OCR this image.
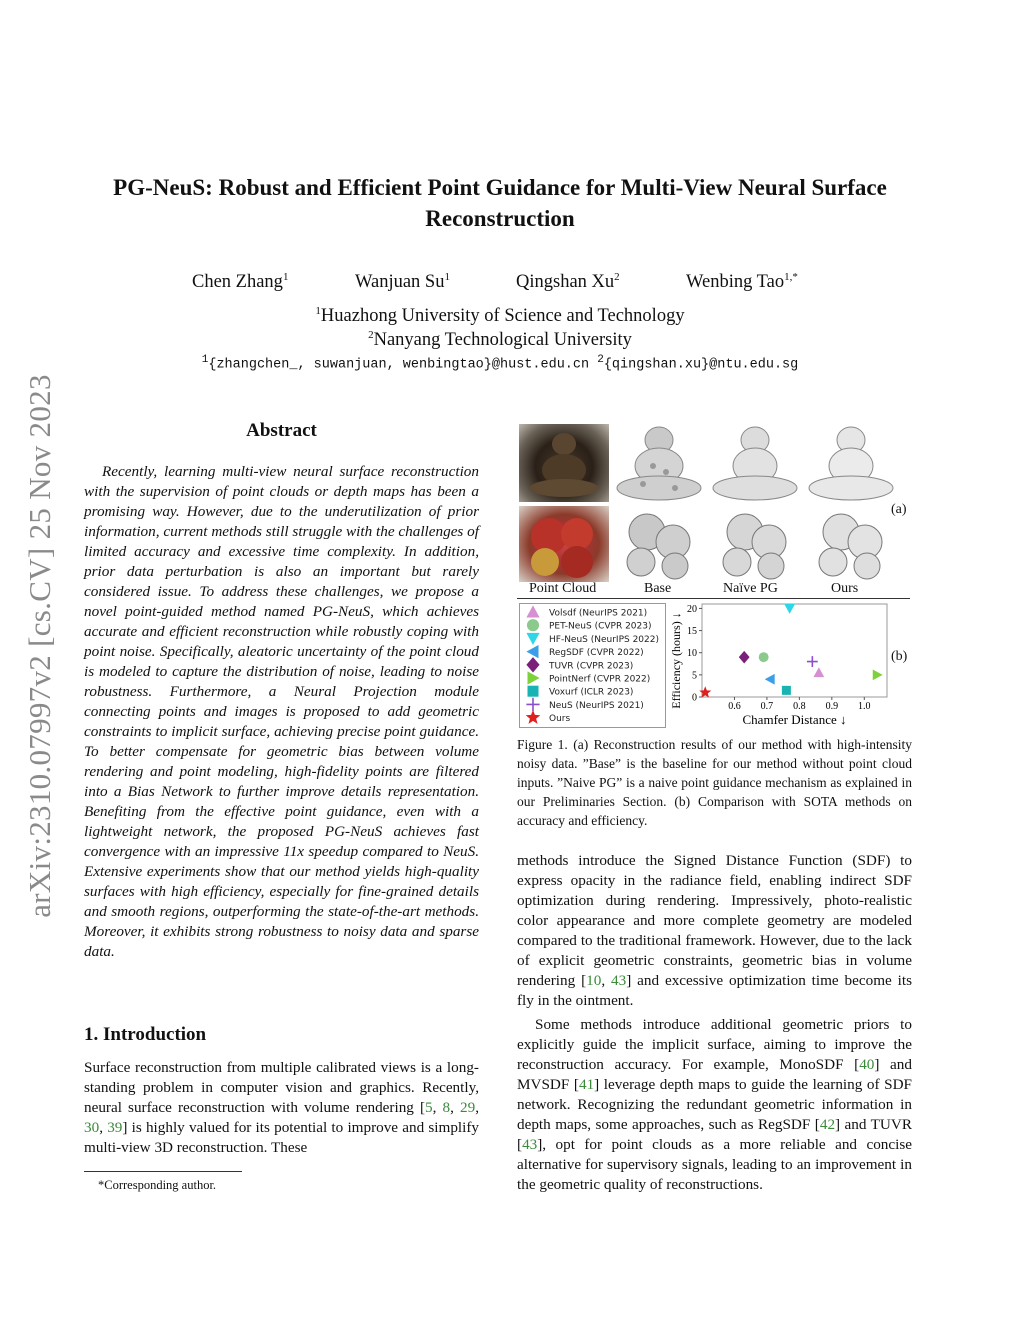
PG-NeuS: Robust and Efficient Point Guidance for Multi-View Neural Surface
Reconstruction
Chen Zhang$^1$	Wanjuan Su$^1$	Qingshan Xu$^2$	Wenbing Tao$^{1,*}$
$^1$Huazhong University of Science and Technology
$^2$Nanyang Technological University
$^1${zhangchen_, suwanjuan, wenbingtao}@hust.edu.cn $^2${qingshan.xu}@ntu.edu.sg
arXiv:2310.07997v2 [cs.CV] 25 Nov 2023	Abstract
Recently, learning multi-view neural surface reconstruction with the supervision of point clouds or depth maps has been a promising way. However, due to the underutilization of prior information, current methods still struggle with the challenges of limited accuracy and excessive time complexity. In addition, prior data perturbation is also an important but rarely considered issue. To address these challenges, we propose a novel point-guided method named PG-NeuS, which achieves accurate and efficient reconstruction while robustly coping with point noise. Specifically, aleatoric uncertainty of the point cloud is modeled to capture the distribution of noise, leading to noise robustness. Furthermore, a Neural Projection module connecting points and images is proposed to add geometric constraints to implicit surface, achieving precise point guidance. To better compensate for geometric bias between volume rendering and point modeling, high-fidelity points are filtered into a Bias Network to further improve details representation. Benefiting from the effective point guidance, even with a lightweight network, the proposed PG-NeuS achieves fast convergence with an impressive 11x speedup compared to NeuS. Extensive experiments show that our method yields high-quality surfaces with high efficiency, especially for fine-grained details and smooth regions, outperforming the state-of-the-art methods. Moreover, it exhibits strong robustness to noisy data and sparse data.
1. Introduction
Surface reconstruction from multiple calibrated views is a long-standing problem in computer vision and graphics. Recently, neural surface reconstruction with volume rendering [5, 8, 29, 30, 39] is highly valued for its potential to improve and simplify multi-view 3D reconstruction. These
*Corresponding author.
(a)
Point Cloud	Base	Naïve PG	Ours
Volsdf (NeurIPS 2021)
PET-NeuS (CVPR 2023)
HF-NeuS (NeurIPS 2022)
RegSDF (CVPR 2022)
TUVR (CVPR 2023)
PointNerf (CVPR 2022)
Voxurf (ICLR 2023)
NeuS (NeurIPS 2021)
Ours
0.6 0.7 0.8 0.9 1.0
0
5
10
15
20
Chamfer Distance ↓
Efficiency (hours) ↓	(b)
Figure 1. (a) Reconstruction results of our method with high-intensity noisy data. ”Base” is the baseline for our method without point cloud inputs. ”Naive PG” is a naive point guidance mechanism as explained in our Preliminaries Section. (b) Comparison with SOTA methods on accuracy and efficiency.
methods introduce the Signed Distance Function (SDF) to express opacity in the radiance field, enabling indirect SDF optimization during rendering. Impressively, photo-realistic color appearance and more complete geometry are modeled compared to the traditional framework. However, due to the lack of explicit geometric constraints, geometric bias in volume rendering [10, 43] and excessive optimization time become its fly in the ointment.
Some methods introduce additional geometric priors to explicitly guide the implicit surface, aiming to improve the reconstruction accuracy. For example, MonoSDF [40] and MVSDF [41] leverage depth maps to guide the learning of SDF network. Recognizing the redundant geometric information in depth maps, some approaches, such as RegSDF [42] and TUVR [43], opt for point clouds as a more reliable and concise alternative for supervisory signals, leading to an improvement in the geometric quality of reconstructions.
